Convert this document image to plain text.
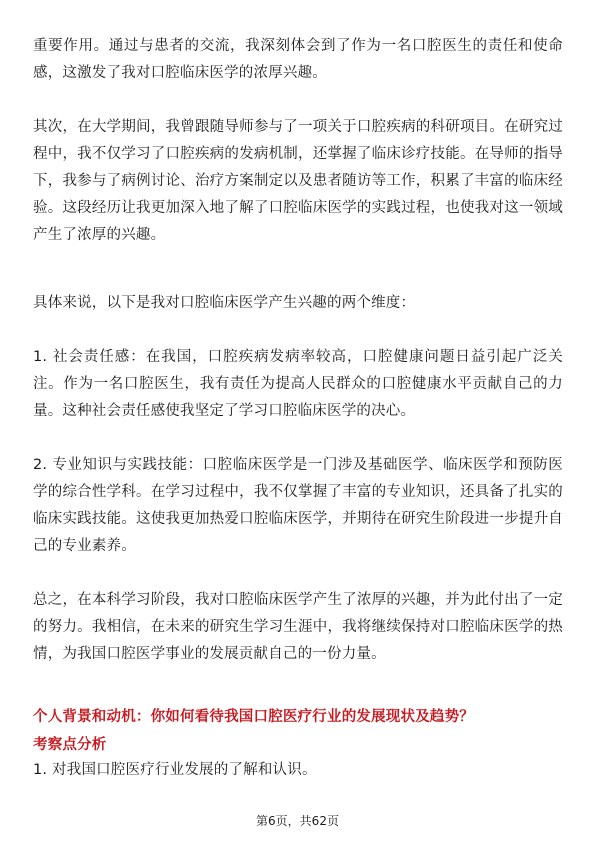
重要作用。通过与患者的交流，我深刻体会到了作为一名口腔医生的责任和使命感，这激发了我对口腔临床医学的浓厚兴趣。

其次，在大学期间，我曾跟随导师参与了一项关于口腔疾病的科研项目。在研究过程中，我不仅学习了口腔疾病的发病机制，还掌握了临床诊疗技能。在导师的指导下，我参与了病例讨论、治疗方案制定以及患者随访等工作，积累了丰富的临床经验。这段经历让我更加深入地了解了口腔临床医学的实践过程，也使我对这一领域产生了浓厚的兴趣。

具体来说，以下是我对口腔临床医学产生兴趣的两个维度：

1. 社会责任感：在我国，口腔疾病发病率较高，口腔健康问题日益引起广泛关注。作为一名口腔医生，我有责任为提高人民群众的口腔健康水平贡献自己的力量。这种社会责任感使我坚定了学习口腔临床医学的决心。

2. 专业知识与实践技能：口腔临床医学是一门涉及基础医学、临床医学和预防医学的综合性学科。在学习过程中，我不仅掌握了丰富的专业知识，还具备了扎实的临床实践技能。这使我更加热爱口腔临床医学，并期待在研究生阶段进一步提升自己的专业素养。

总之，在本科学习阶段，我对口腔临床医学产生了浓厚的兴趣，并为此付出了一定的努力。我相信，在未来的研究生学习生涯中，我将继续保持对口腔临床医学的热情，为我国口腔医学事业的发展贡献自己的一份力量。

个人背景和动机：你如何看待我国口腔医疗行业的发展现状及趋势？

考察点分析

1. 对我国口腔医疗行业发展的了解和认识。

第6页，共62页
